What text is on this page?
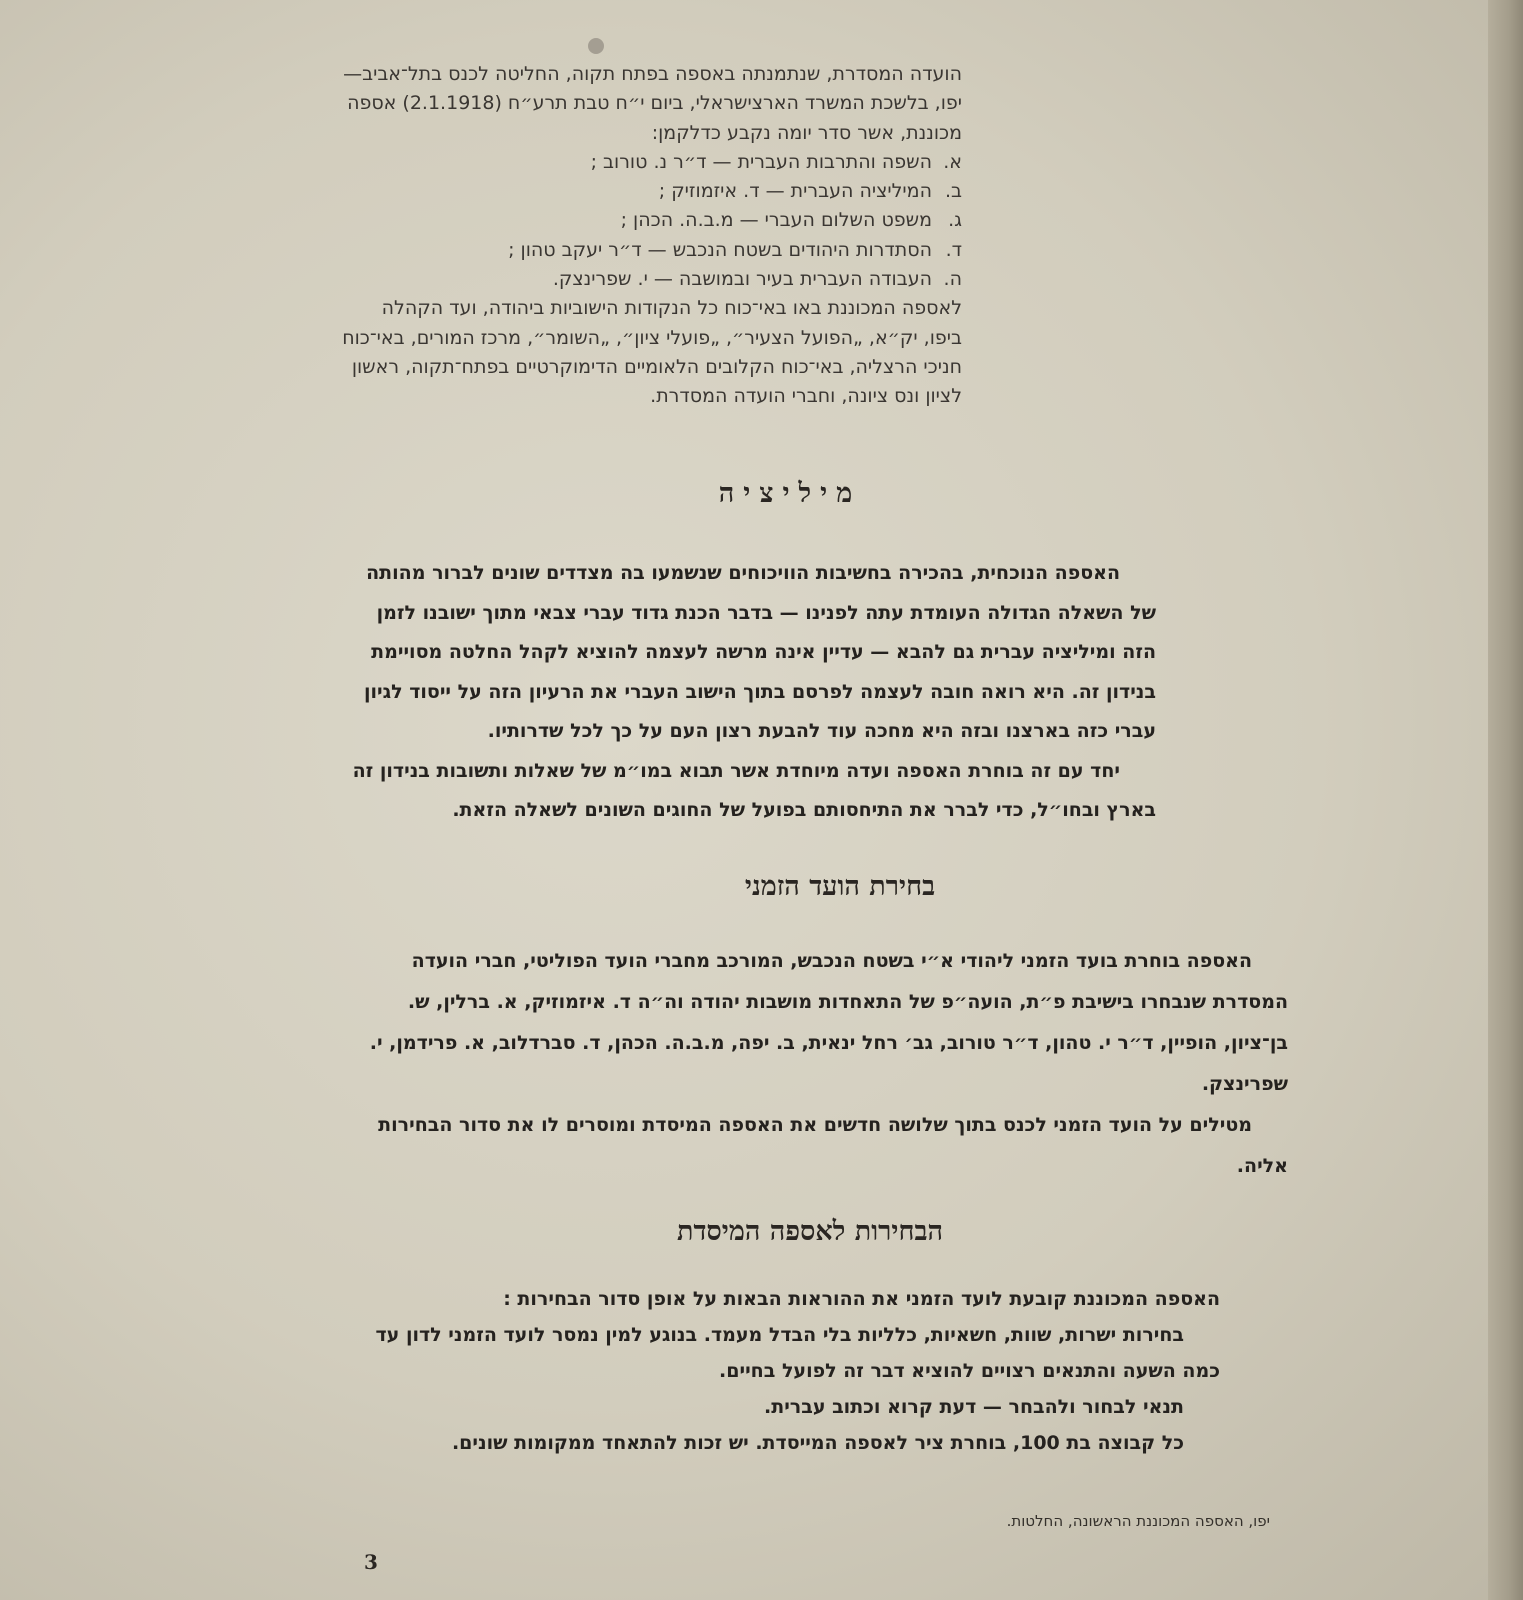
הועדה המסדרת, שנתמנתה באספה בפתח תקוה, החליטה לכנס בתל־אביב—יפו, בלשכת המשרד הארצישראלי, ביום י״ח טבת תרע״ח (2.1.1918) אספה מכוננת, אשר סדר יומה נקבע כדלקמן:

א.
השפה והתרבות העברית — ד״ר נ. טורוב ;
ב.
המיליציה העברית — ד. איזמוזיק ;
ג.
משפט השלום העברי — מ.ב.ה. הכהן ;
ד.
הסתדרות היהודים בשטח הנכבש — ד״ר יעקב טהון ;
ה.
העבודה העברית בעיר ובמושבה — י. שפרינצק.

לאספה המכוננת באו באי־כוח כל הנקודות הישוביות ביהודה, ועד הקהלה ביפו, יק״א, „הפועל הצעיר״, „פועלי ציון״, „השומר״, מרכז המורים, באי־כוח חניכי הרצליה, באי־כוח הקלובים הלאומיים הדימוקרטיים בפתח־תקוה, ראשון לציון ונס ציונה, וחברי הועדה המסדרת.

מיליציה

האספה הנוכחית, בהכירה בחשיבות הוויכוחים שנשמעו בה מצדדים שונים לברור מהותה של השאלה הגדולה העומדת עתה לפנינו — בדבר הכנת גדוד עברי צבאי מתוך ישובנו לזמן הזה ומיליציה עברית גם להבא — עדיין אינה מרשה לעצמה להוציא לקהל החלטה מסויימת בנידון זה. היא רואה חובה לעצמה לפרסם בתוך הישוב העברי את הרעיון הזה על ייסוד לגיון עברי כזה בארצנו ובזה היא מחכה עוד להבעת רצון העם על כך לכל שדרותיו.

יחד עם זה בוחרת האספה ועדה מיוחדת אשר תבוא במו״מ של שאלות ותשובות בנידון זה בארץ ובחו״ל, כדי לברר את התיחסותם בפועל של החוגים השונים לשאלה הזאת.

בחירת הועד הזמני

האספה בוחרת בועד הזמני ליהודי א״י בשטח הנכבש, המורכב מחברי הועד הפוליטי, חברי הועדה המסדרת שנבחרו בישיבת פ״ת, הועה״פ של התאחדות מושבות יהודה וה״ה ד. איזמוזיק, א. ברלין, ש. בן־ציון, הופיין, ד״ר י. טהון, ד״ר טורוב, גב׳ רחל ינאית, ב. יפה, מ.ב.ה. הכהן, ד. סברדלוב, א. פרידמן, י. שפרינצק.

מטילים על הועד הזמני לכנס בתוך שלושה חדשים את האספה המיסדת ומוסרים לו את סדור הבחירות אליה.

הבחירות לאספה המיסדת

האספה המכוננת קובעת לועד הזמני את ההוראות הבאות על אופן סדור הבחירות :

בחירות ישרות, שוות, חשאיות, כלליות בלי הבדל מעמד. בנוגע למין נמסר לועד הזמני לדון עד כמה השעה והתנאים רצויים להוציא דבר זה לפועל בחיים.

תנאי לבחור ולהבחר — דעת קרוא וכתוב עברית.

כל קבוצה בת 100, בוחרת ציר לאספה המייסדת. יש זכות להתאחד ממקומות שונים.

יפו, האספה המכוננת הראשונה, החלטות.
3
